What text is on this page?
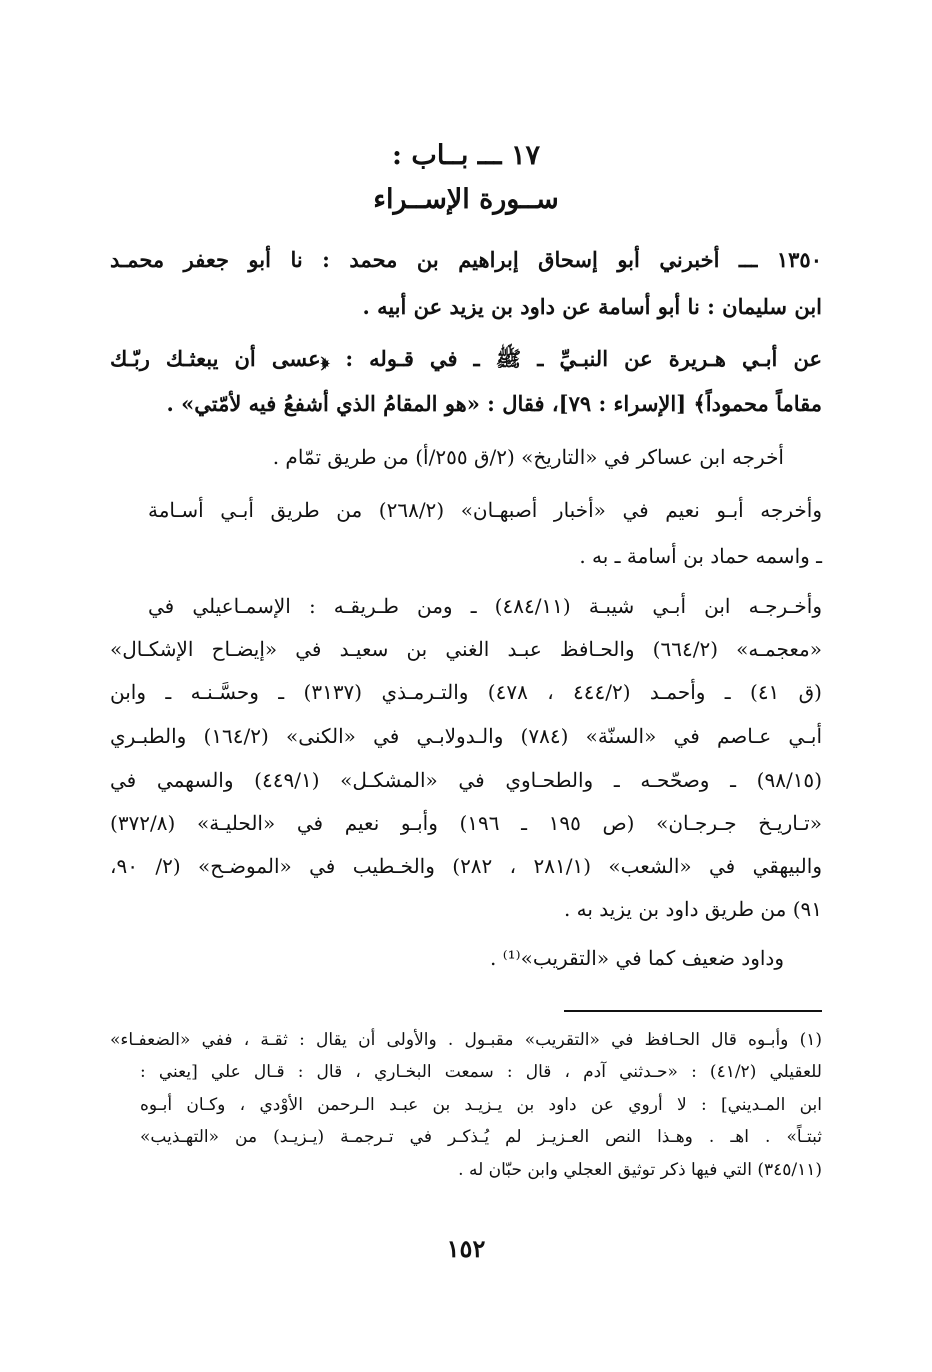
١٧ ـــ بــاب :
ســورة الإســراء
١٣٥٠ ـــ أخبرني أبو إسحاق إبراهيم بن محمد : نا أبو جعفر محمـد
ابن سليمان : نا أبو أسامة عن داود بن يزيد عن أبيه .
عن أبـي هـريرة عن النبـيِّ ـ ﷺ ـ في قـوله : ﴿عسى أن يبعثـك ربّـك
مقاماً محموداً﴾ [الإسراء : ٧٩]، فقال : «هو المقامُ الذي أشفعُ فيه لأمّتي» .
أخرجه ابن عساكر في «التاريخ» (٢/ق ٢٥٥/أ) من طريق تمّام .
وأخرجه أبـو نعيم في «أخبار أصبهـان» (٢٦٨/٢) من طريق أبـي أسـامة
ـ واسمه حماد بن أسامة ـ به .
وأخـرجـه ابن أبـي شيبـة (٤٨٤/١١) ـ ومن طـريقـه : الإسمـاعيلي في
«معجمـه» (٦٦٤/٢) والحـافظ عبـد الغني بن سعيـد في «إيضـاح الإشكـال»
(ق ٤١) ـ وأحمـد (٤٤٤/٢ ، ٤٧٨) والتـرمـذي (٣١٣٧) ـ وحسَّـنـه ـ وابن
أبـي عـاصم في «السنّة» (٧٨٤) والـدولابـي في «الكنى» (١٦٤/٢) والطبـري
(٩٨/١٥) ـ وصحّحـه ـ والطحـاوي في «المشكـل» (٤٤٩/١) والسهمي في
«تـاريـخ جـرجـان» (ص ١٩٥ ـ ١٩٦) وأبـو نعيم في «الحليـة» (٣٧٢/٨)
والبيهقي في «الشعب» (٢٨١/١ ، ٢٨٢) والخـطيب في «الموضـح» (٢/ ٩٠،
٩١) من طريق داود بن يزيد به .
وداود ضعيف كما في «التقريب»⁽¹⁾ .
(١) وأبـوه قال الحـافظ في «التقريب» مقبـول . والأولى أن يقال : ثقـة ، ففي «الضعفـاء»
للعقيلي (٤١/٢) : «حـدثني آدم ، قال : سمعت البخـاري ، قال : قـال علي [يعني :
ابن المـديني] : لا أروي عن داود بن يـزيـد بن عبـد الـرحمن الأوْدي ، وكـان أبـوه
ثبتـاً» . اهـ . وهـذا النص العـزيـز لم يُـذكـر في تـرجمـة (يـزيـد) من «التهـذيب»
(٣٤٥/١١) التي فيها ذكر توثيق العجلي وابن حبّان له .
١٥٢
